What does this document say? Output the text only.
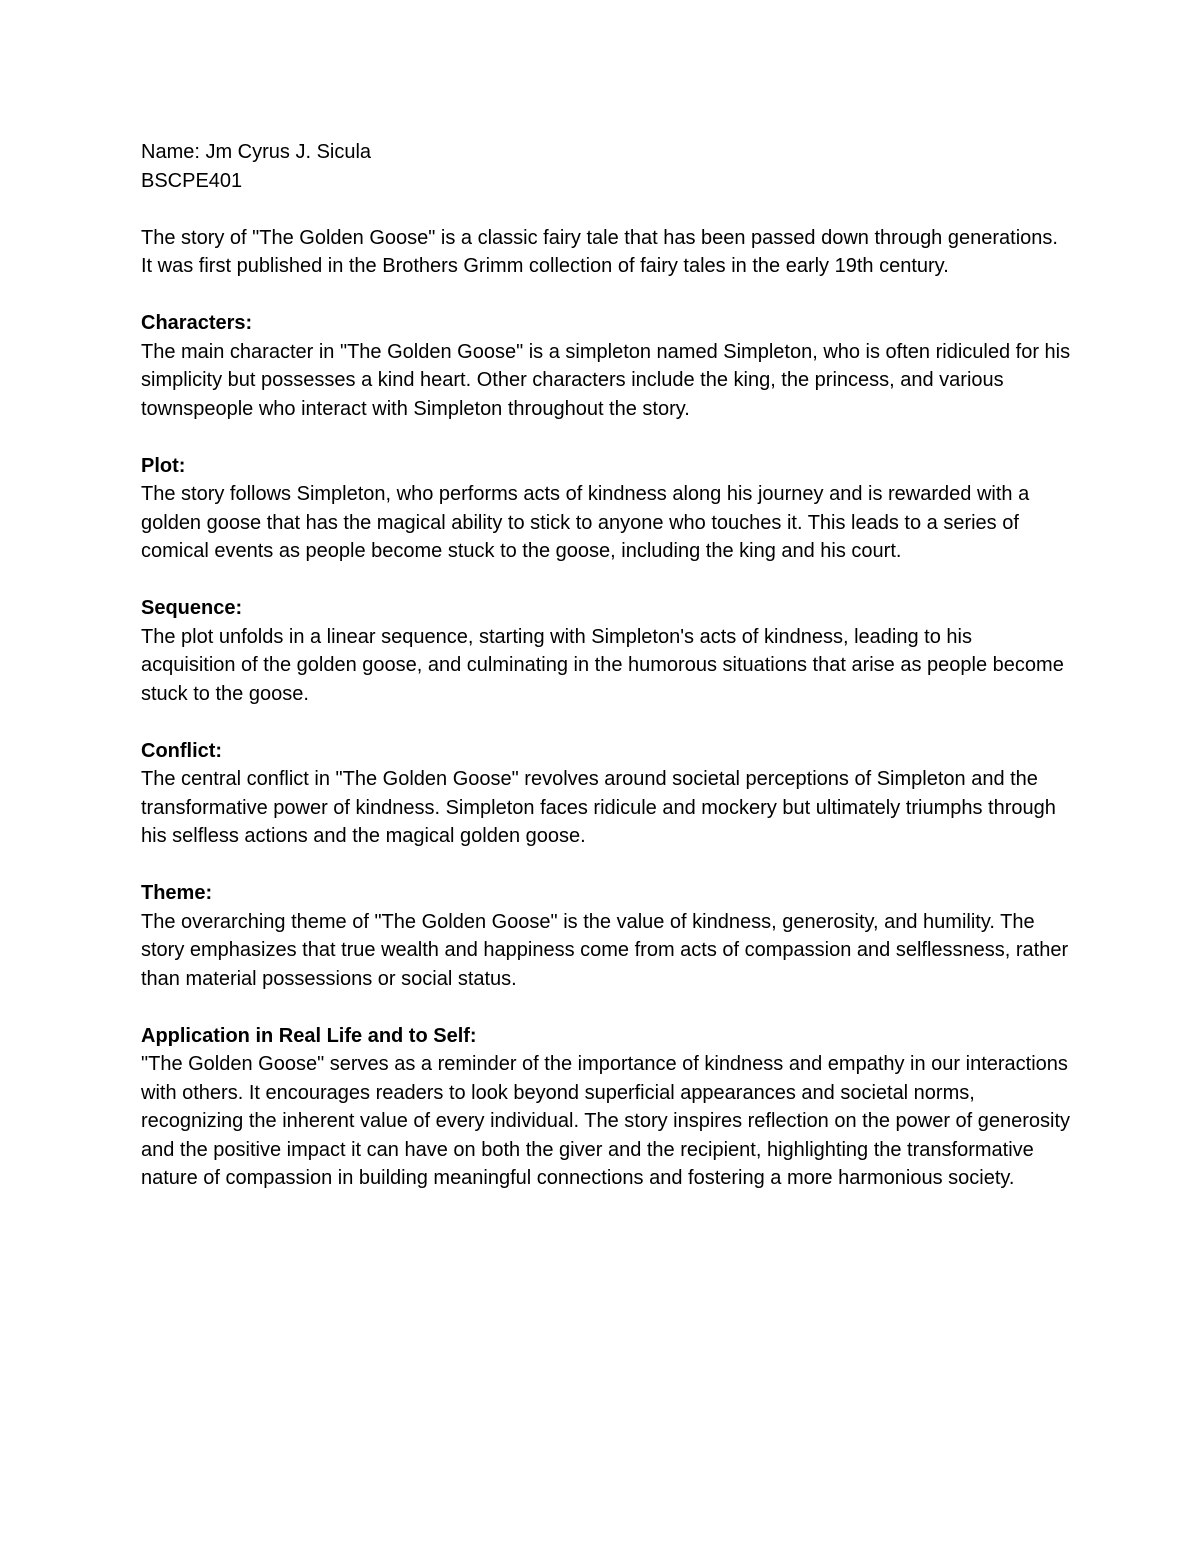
Name: Jm Cyrus J. Sicula

BSCPE401

The story of "The Golden Goose" is a classic fairy tale that has been passed down through generations. It was first published in the Brothers Grimm collection of fairy tales in the early 19th century.

Characters:

The main character in "The Golden Goose" is a simpleton named Simpleton, who is often ridiculed for his simplicity but possesses a kind heart. Other characters include the king, the princess, and various townspeople who interact with Simpleton throughout the story.

Plot:

The story follows Simpleton, who performs acts of kindness along his journey and is rewarded with a golden goose that has the magical ability to stick to anyone who touches it. This leads to a series of comical events as people become stuck to the goose, including the king and his court.

Sequence:

The plot unfolds in a linear sequence, starting with Simpleton's acts of kindness, leading to his acquisition of the golden goose, and culminating in the humorous situations that arise as people become stuck to the goose.

Conflict:

The central conflict in "The Golden Goose" revolves around societal perceptions of Simpleton and the transformative power of kindness. Simpleton faces ridicule and mockery but ultimately triumphs through his selfless actions and the magical golden goose.

Theme:

The overarching theme of "The Golden Goose" is the value of kindness, generosity, and humility. The story emphasizes that true wealth and happiness come from acts of compassion and selflessness, rather than material possessions or social status.

Application in Real Life and to Self:

"The Golden Goose" serves as a reminder of the importance of kindness and empathy in our interactions with others. It encourages readers to look beyond superficial appearances and societal norms, recognizing the inherent value of every individual. The story inspires reflection on the power of generosity and the positive impact it can have on both the giver and the recipient, highlighting the transformative nature of compassion in building meaningful connections and fostering a more harmonious society.
